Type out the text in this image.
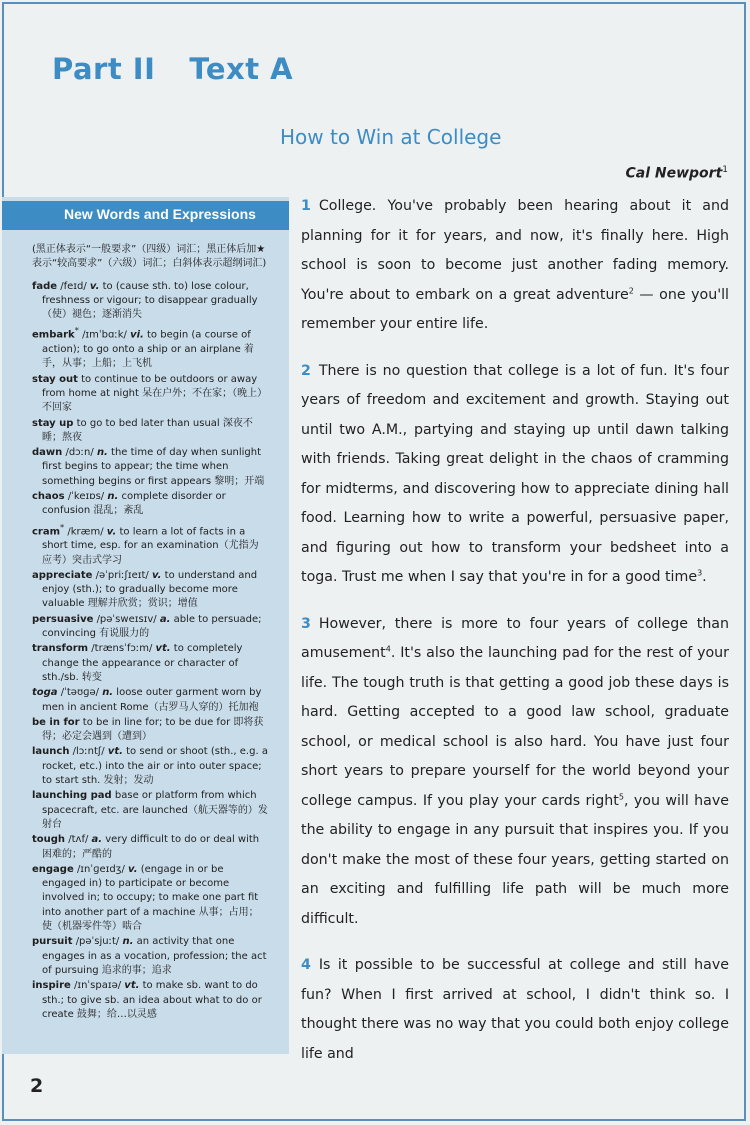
Part II Text A
How to Win at College
Cal Newport$^1$
New Words and Expressions
(黑正体表示“一般要求”（四级）词汇；黑正体后加★表示“较高要求”（六级）词汇；白斜体表示超纲词汇)
fade /feɪd/ v. to (cause sth. to) lose colour, freshness or vigour; to disappear gradually （使）褪色；逐渐消失
embark* /ɪmˈbɑːk/ vi. to begin (a course of action); to go onto a ship or an airplane 着手，从事；上船；上飞机
stay out to continue to be outdoors or away from home at night 呆在户外；不在家；（晚上）不回家
stay up to go to bed later than usual 深夜不睡；熬夜
dawn /dɔːn/ n. the time of day when sunlight first begins to appear; the time when something begins or first appears 黎明；开端
chaos /ˈkeɪɒs/ n. complete disorder or confusion 混乱；紊乱
cram* /kræm/ v. to learn a lot of facts in a short time, esp. for an examination（尤指为应考）突击式学习
appreciate /əˈpriːʃɪeɪt/ v. to understand and enjoy (sth.); to gradually become more valuable 理解并欣赏；赏识；增值
persuasive /pəˈsweɪsɪv/ a. able to persuade; convincing 有说服力的
transform /trænsˈfɔːm/ vt. to completely change the appearance or character of sth./sb. 转变
toga /ˈtəʊɡə/ n. loose outer garment worn by men in ancient Rome（古罗马人穿的）托加袍
be in for to be in line for; to be due for 即将获得；必定会遇到（遭到）
launch /lɔːntʃ/ vt. to send or shoot (sth., e.g. a rocket, etc.) into the air or into outer space; to start sth. 发射；发动
launching pad base or platform from which spacecraft, etc. are launched（航天器等的）发射台
tough /tʌf/ a. very difficult to do or deal with 困难的；严酷的
engage /ɪnˈɡeɪdʒ/ v. (engage in or be engaged in) to participate or become involved in; to occupy; to make one part fit into another part of a machine 从事；占用；使（机器零件等）啮合
pursuit /pəˈsjuːt/ n. an activity that one engages in as a vocation, profession; the act of pursuing 追求的事；追求
inspire /ɪnˈspaɪə/ vt. to make sb. want to do sth.; to give sb. an idea about what to do or create 鼓舞；给…以灵感

1 College. You've probably been hearing about it and planning for it for years, and now, it's finally here. High school is soon to become just another fading memory. You're about to embark on a great adventure$^2$ — one you'll remember your entire life.

2 There is no question that college is a lot of fun. It's four years of freedom and excitement and growth. Staying out until two A.M., partying and staying up until dawn talking with friends. Taking great delight in the chaos of cramming for midterms, and discovering how to appreciate dining hall food. Learning how to write a powerful, persuasive paper, and figuring out how to transform your bedsheet into a toga. Trust me when I say that you're in for a good time$^3$.

3 However, there is more to four years of college than amusement$^4$. It's also the launching pad for the rest of your life. The tough truth is that getting a good job these days is hard. Getting accepted to a good law school, graduate school, or medical school is also hard. You have just four short years to prepare yourself for the world beyond your college campus. If you play your cards right$^5$, you will have the ability to engage in any pursuit that inspires you. If you don't make the most of these four years, getting started on an exciting and fulfilling life path will be much more difficult.

4 Is it possible to be successful at college and still have fun? When I first arrived at school, I didn't think so. I thought there was no way that you could both enjoy college life and

2
